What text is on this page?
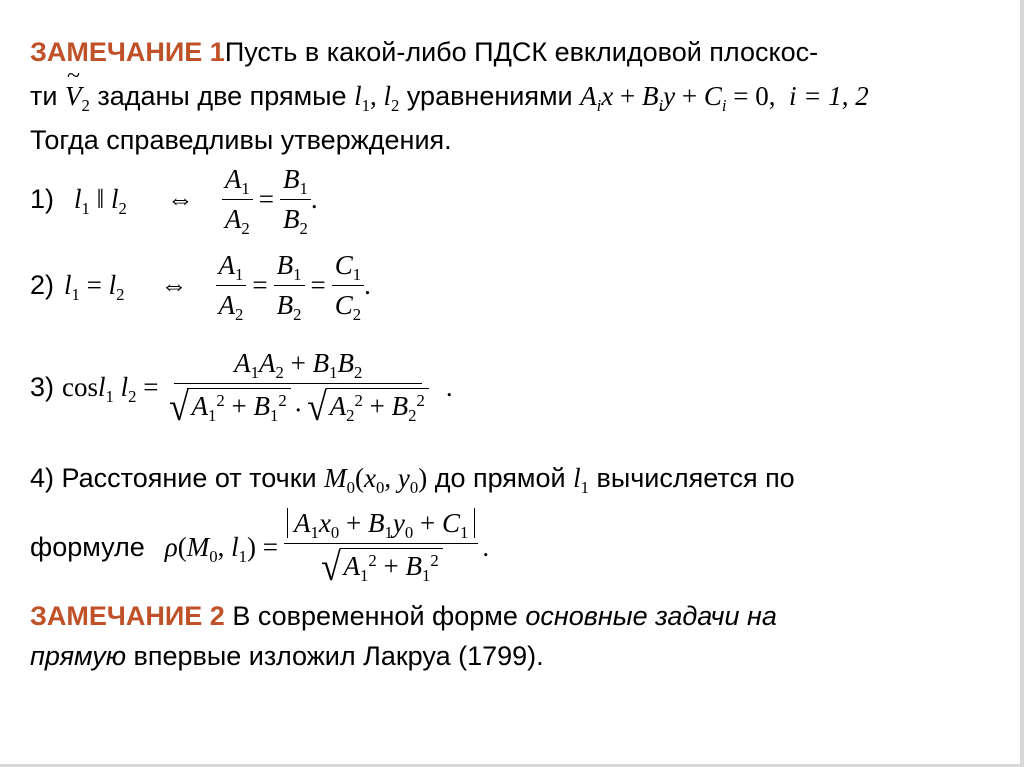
ЗАМЕЧАНИЕ 1Пусть в какой-либо ПДСК евклидовой плоскос-
ти ~ $V_2$ заданы две прямые $l_1$, $l_2$ уравнениями $A_ix + B_iy + C_i = 0$, i = 1, 2
Тогда справедливы утверждения.
1) $l_1$ ‖ $l_2$ ⇔ $\frac{A_1}{A_2} = \frac{B_1}{B_2}$ .
2) $l_1 = l_2$ ⇔ $\frac{A_1}{A_2} = \frac{B_1}{B_2} = \frac{C_1}{C_2}$ .
3) cosl$_1$ $l_2 = \frac{A_1A_2 + B_1B_2}{√ A_1^2 + B_1^2 \cdot √ A_2^2 + B_2^2}$ .
4) Расстояние от точки $M_0(x_0$, $y_0$) до прямой $l_1$ вычисляется по
формуле $\rho(M_0$, $l_1) = \frac{A_1x_0 + B_1y_0 + C_1}{√ A_1^2 + B_1^2}$ .
ЗАМЕЧАНИЕ 2 В современной форме основные задачи на
прямую впервые изложил Лакруа (1799).
